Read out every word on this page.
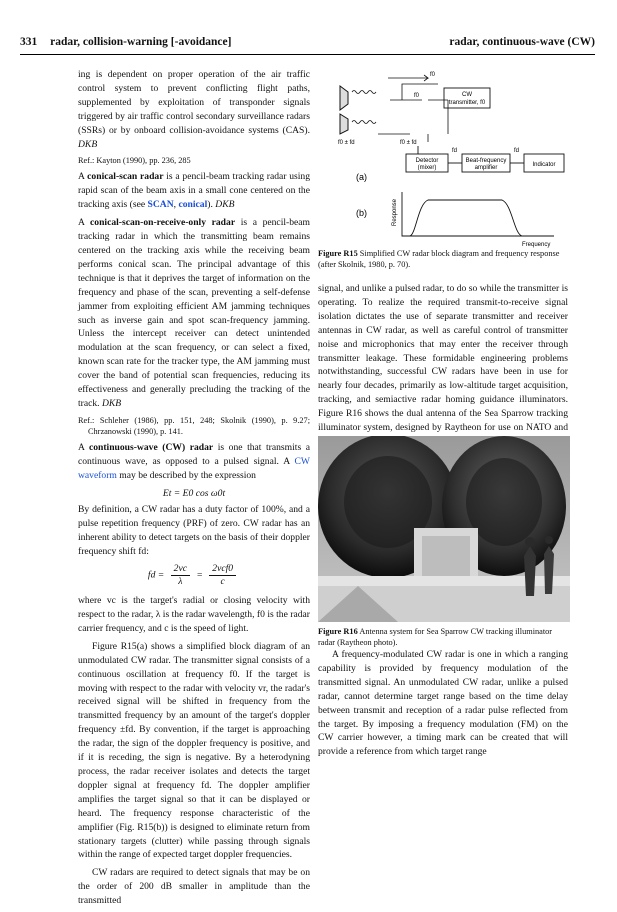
331 radar, collision-warning [-avoidance]	radar, continuous-wave (CW)

ing is dependent on proper operation of the air traffic control system to prevent conflicting flight paths, supplemented by exploitation of transponder signals triggered by air traffic control secondary surveillance radars (SSRs) or by onboard collision-avoidance systems (CAS). DKB

Ref.: Kayton (1990), pp. 236, 285

A conical-scan radar is a pencil-beam tracking radar using rapid scan of the beam axis in a small cone centered on the tracking axis (see SCAN, conical). DKB

A conical-scan-on-receive-only radar is a pencil-beam tracking radar in which the transmitting beam remains centered on the tracking axis while the receiving beam performs conical scan. The principal advantage of this technique is that it deprives the target of information on the frequency and phase of the scan, preventing a self-defense jammer from exploiting efficient AM jamming techniques such as inverse gain and spot scan-frequency jamming. Unless the intercept receiver can detect unintended modulation at the scan frequency, or can select a fixed, known scan rate for the tracker type, the AM jamming must cover the band of potential scan frequencies, reducing its effectiveness and generally precluding the tracking of the track. DKB

Ref.: Schleher (1986), pp. 151, 248; Skolnik (1990), p. 9.27; Chrzanowski (1990), p. 141.

A continuous-wave (CW) radar is one that transmits a continuous wave, as opposed to a pulsed signal. A CW waveform may be described by the expression

Et = E0 cos ω0t

By definition, a CW radar has a duty factor of 100%, and a pulse repetition frequency (PRF) of zero. CW radar has an inherent ability to detect targets on the basis of their doppler frequency shift fd:

fd = $\frac{2vc}{\lambda} = \frac{\text{2vcf0}}{c}$

where vc is the target's radial or closing velocity with respect to the radar, λ is the radar wavelength, f0 is the radar carrier frequency, and c is the speed of light.

Figure R15(a) shows a simplified block diagram of an unmodulated CW radar. The transmitter signal consists of a continuous oscillation at frequency f0. If the target is moving with respect to the radar with velocity vr, the radar's received signal will be shifted in frequency from the transmitted frequency by an amount of the target's doppler frequency ±fd. By convention, if the target is approaching the radar, the sign of the doppler frequency is positive, and if it is receding, the sign is negative. By a heterodyning process, the radar receiver isolates and detects the target doppler signal at frequency fd. The doppler amplifier amplifies the target signal so that it can be displayed or heard. The frequency response characteristic of the amplifier (Fig. R15(b)) is designed to eliminate return from stationary targets (clutter) while passing through signals within the range of expected target doppler frequencies.

CW radars are required to detect signals that may be on the order of 200 dB smaller in amplitude than the transmitted

f0
f0	CW
transmitter, f0
f0 ± fd	f0 ± fd
Detector
(mixer)
fd
Beat-frequency
amplifier
fd
Indicator
(a)
(b)	Response
Frequency
Figure R15 Simplified CW radar block diagram and frequency response (after Skolnik, 1980, p. 70).

signal, and unlike a pulsed radar, to do so while the transmitter is operating. To realize the required transmit-to-receive signal isolation dictates the use of separate transmitter and receiver antennas in CW radar, as well as careful control of transmitter noise and microphonics that may enter the receiver through transmitter leakage. These formidable engineering problems notwithstanding, successful CW radars have been in use for nearly four decades, primarily as low-altitude target acquisition, tracking, and semiactive radar homing guidance illuminators. Figure R16 shows the dual antenna of the Sea Sparrow tracking illuminator system, designed by Raytheon for use on NATO and

Figure R16 Antenna system for Sea Sparrow CW tracking illuminator radar (Raytheon photo).

A frequency-modulated CW radar is one in which a ranging capability is provided by frequency modulation of the transmitted signal. An unmodulated CW radar, unlike a pulsed radar, cannot determine target range based on the time delay between transmit and reception of a radar pulse reflected from the target. By imposing a frequency modulation (FM) on the CW carrier however, a timing mark can be created that will provide a reference from which target range
